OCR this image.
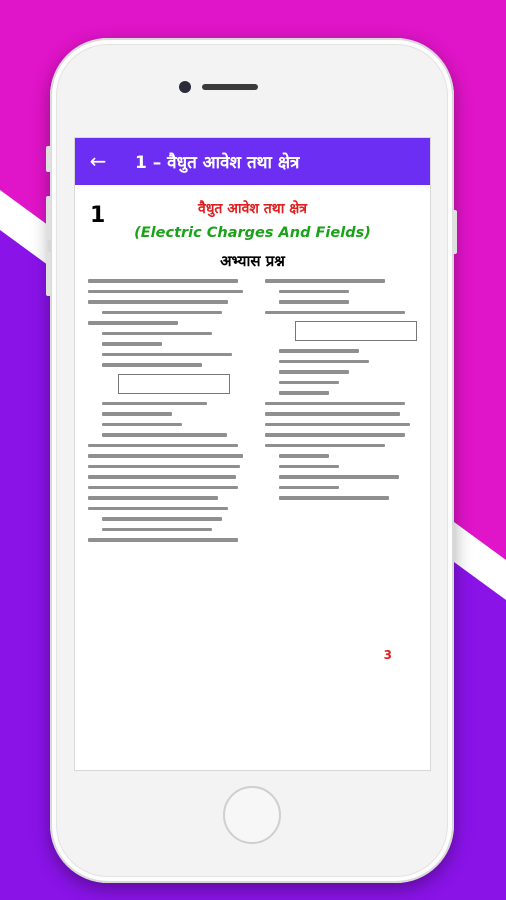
←	1 – वैधुत आवेश तथा क्षेत्र
1	वैधुत आवेश तथा क्षेत्र
(Electric Charges And Fields)
अभ्यास प्रश्न
3
